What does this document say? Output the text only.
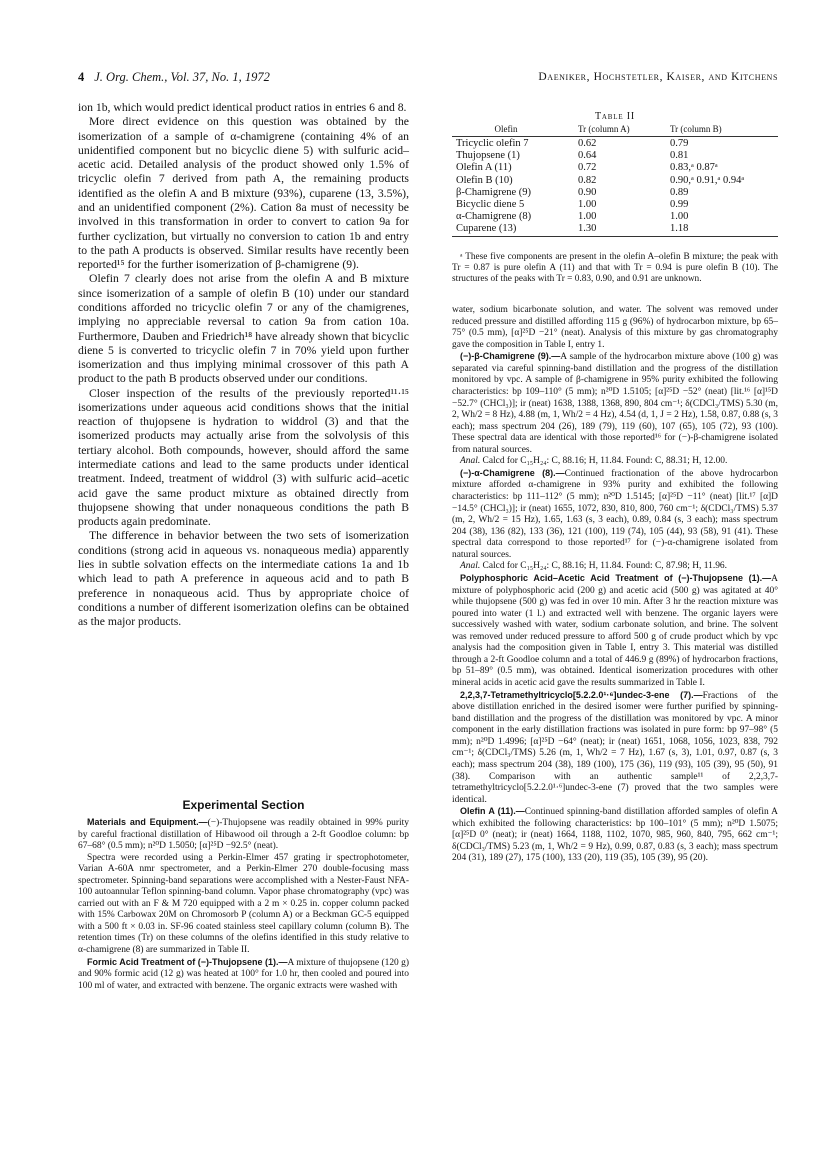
4 J. Org. Chem., Vol. 37, No. 1, 1972	Daeniker, Hochstetler, Kaiser, and Kitchens

ion 1b, which would predict identical product ratios in entries 6 and 8.

More direct evidence on this question was obtained by the isomerization of a sample of α-chamigrene (containing 4% of an unidentified component but no bicyclic diene 5) with sulfuric acid–acetic acid. Detailed analysis of the product showed only 1.5% of tricyclic olefin 7 derived from path A, the remaining products identified as the olefin A and B mixture (93%), cuparene (13, 3.5%), and an unidentified component (2%). Cation 8a must of necessity be involved in this transformation in order to convert to cation 9a for further cyclization, but virtually no conversion to cation 1b and entry to the path A products is observed. Similar results have recently been reported¹⁵ for the further isomerization of β-chamigrene (9).

Olefin 7 clearly does not arise from the olefin A and B mixture since isomerization of a sample of olefin B (10) under our standard conditions afforded no tricyclic olefin 7 or any of the chamigrenes, implying no appreciable reversal to cation 9a from cation 10a. Furthermore, Dauben and Friedrich¹⁸ have already shown that bicyclic diene 5 is converted to tricyclic olefin 7 in 70% yield upon further isomerization and thus implying minimal crossover of this path A product to the path B products observed under our conditions.

Closer inspection of the results of the previously reported¹¹·¹⁵ isomerizations under aqueous acid conditions shows that the initial reaction of thujopsene is hydration to widdrol (3) and that the isomerized products may actually arise from the solvolysis of this tertiary alcohol. Both compounds, however, should afford the same intermediate cations and lead to the same products under identical treatment. Indeed, treatment of widdrol (3) with sulfuric acid–acetic acid gave the same product mixture as obtained directly from thujopsene showing that under nonaqueous conditions the path B products again predominate.

The difference in behavior between the two sets of isomerization conditions (strong acid in aqueous vs. nonaqueous media) apparently lies in subtle solvation effects on the intermediate cations 1a and 1b which lead to path A preference in aqueous acid and to path B preference in nonaqueous acid. Thus by appropriate choice of conditions a number of different isomerization olefins can be obtained as the major products.

Experimental Section

Materials and Equipment.—(−)-Thujopsene was readily obtained in 99% purity by careful fractional distillation of Hibawood oil through a 2-ft Goodloe column: bp 67–68° (0.5 mm); n²⁰D 1.5050; [α]²⁵D −92.5° (neat).

Spectra were recorded using a Perkin-Elmer 457 grating ir spectrophotometer, Varian A-60A nmr spectrometer, and a Perkin-Elmer 270 double-focusing mass spectrometer. Spinning-band separations were accomplished with a Nester-Faust NFA-100 autoannular Teflon spinning-band column. Vapor phase chromatography (vpc) was carried out with an F & M 720 equipped with a 2 m × 0.25 in. copper column packed with 15% Carbowax 20M on Chromosorb P (column A) or a Beckman GC-5 equipped with a 500 ft × 0.03 in. SF-96 coated stainless steel capillary column (column B). The retention times (Tr) on these columns of the olefins identified in this study relative to α-chamigrene (8) are summarized in Table II.

Formic Acid Treatment of (−)-Thujopsene (1).—A mixture of thujopsene (120 g) and 90% formic acid (12 g) was heated at 100° for 1.0 hr, then cooled and poured into 100 ml of water, and extracted with benzene. The organic extracts were washed with

Table II
Olefin	Tr (column A)	Tr (column B)
Tricyclic olefin 7	0.62	0.79
Thujopsene (1)	0.64	0.81
Olefin A (11)	0.72	0.83,ᵃ 0.87ᵃ
Olefin B (10)	0.82	0.90,ᵃ 0.91,ᵃ 0.94ᵃ
β-Chamigrene (9)	0.90	0.89
Bicyclic diene 5	1.00	0.99
α-Chamigrene (8)	1.00	1.00
Cuparene (13)	1.30	1.18
ᵃ These five components are present in the olefin A–olefin B mixture; the peak with Tr = 0.87 is pure olefin A (11) and that with Tr = 0.94 is pure olefin B (10). The structures of the peaks with Tr = 0.83, 0.90, and 0.91 are unknown.

water, sodium bicarbonate solution, and water. The solvent was removed under reduced pressure and distilled affording 115 g (96%) of hydrocarbon mixture, bp 65–75° (0.5 mm), [α]²⁵D −21° (neat). Analysis of this mixture by gas chromatography gave the composition in Table I, entry 1.

(−)-β-Chamigrene (9).—A sample of the hydrocarbon mixture above (100 g) was separated via careful spinning-band distillation and the progress of the distillation monitored by vpc. A sample of β-chamigrene in 95% purity exhibited the following characteristics: bp 109–110° (5 mm); n²⁰D 1.5105; [α]²⁵D −52° (neat) [lit.¹⁶ [α]¹⁵D −52.7° (CHCl₃)]; ir (neat) 1638, 1388, 1368, 890, 804 cm⁻¹; δ(CDCl₃/TMS) 5.30 (m, 2, Wh/2 = 8 Hz), 4.88 (m, 1, Wh/2 = 4 Hz), 4.54 (d, 1, J = 2 Hz), 1.58, 0.87, 0.88 (s, 3 each); mass spectrum 204 (26), 189 (79), 119 (60), 107 (65), 105 (72), 93 (100). These spectral data are identical with those reported¹⁶ for (−)-β-chamigrene isolated from natural sources.

Anal. Calcd for C₁₅H₂₄: C, 88.16; H, 11.84. Found: C, 88.31; H, 12.00.

(−)-α-Chamigrene (8).—Continued fractionation of the above hydrocarbon mixture afforded α-chamigrene in 93% purity and exhibited the following characteristics: bp 111–112° (5 mm); n²⁰D 1.5145; [α]²⁵D −11° (neat) [lit.¹⁷ [α]D −14.5° (CHCl₃)]; ir (neat) 1655, 1072, 830, 810, 800, 760 cm⁻¹; δ(CDCl₃/TMS) 5.37 (m, 2, Wh/2 = 15 Hz), 1.65, 1.63 (s, 3 each), 0.89, 0.84 (s, 3 each); mass spectrum 204 (38), 136 (82), 133 (36), 121 (100), 119 (74), 105 (44), 93 (58), 91 (41). These spectral data correspond to those reported¹⁷ for (−)-α-chamigrene isolated from natural sources.

Anal. Calcd for C₁₅H₂₄: C, 88.16; H, 11.84. Found: C, 87.98; H, 11.96.

Polyphosphoric Acid–Acetic Acid Treatment of (−)-Thujopsene (1).—A mixture of polyphosphoric acid (200 g) and acetic acid (500 g) was agitated at 40° while thujopsene (500 g) was fed in over 10 min. After 3 hr the reaction mixture was poured into water (1 l.) and extracted well with benzene. The organic layers were successively washed with water, sodium carbonate solution, and brine. The solvent was removed under reduced pressure to afford 500 g of crude product which by vpc analysis had the composition given in Table I, entry 3. This material was distilled through a 2-ft Goodloe column and a total of 446.9 g (89%) of hydrocarbon fractions, bp 51–89° (0.5 mm), was obtained. Identical isomerization procedures with other mineral acids in acetic acid gave the results summarized in Table I.

2,2,3,7-Tetramethyltricyclo[5.2.2.0¹·⁶]undec-3-ene (7).—Fractions of the above distillation enriched in the desired isomer were further purified by spinning-band distillation and the progress of the distillation was monitored by vpc. A minor component in the early distillation fractions was isolated in pure form: bp 97–98° (5 mm); n²⁰D 1.4996; [α]²⁵D −64° (neat); ir (neat) 1651, 1068, 1056, 1023, 838, 792 cm⁻¹; δ(CDCl₃/TMS) 5.26 (m, 1, Wh/2 = 7 Hz), 1.67 (s, 3), 1.01, 0.97, 0.87 (s, 3 each); mass spectrum 204 (38), 189 (100), 175 (36), 119 (93), 105 (39), 95 (50), 91 (38). Comparison with an authentic sample¹¹ of 2,2,3,7-tetramethyltricyclo[5.2.2.0¹·⁶]undec-3-ene (7) proved that the two samples were identical.

Olefin A (11).—Continued spinning-band distillation afforded samples of olefin A which exhibited the following characteristics: bp 100–101° (5 mm); n²⁰D 1.5075; [α]²⁵D 0° (neat); ir (neat) 1664, 1188, 1102, 1070, 985, 960, 840, 795, 662 cm⁻¹; δ(CDCl₃/TMS) 5.23 (m, 1, Wh/2 = 9 Hz), 0.99, 0.87, 0.83 (s, 3 each); mass spectrum 204 (31), 189 (27), 175 (100), 133 (20), 119 (35), 105 (39), 95 (20).
